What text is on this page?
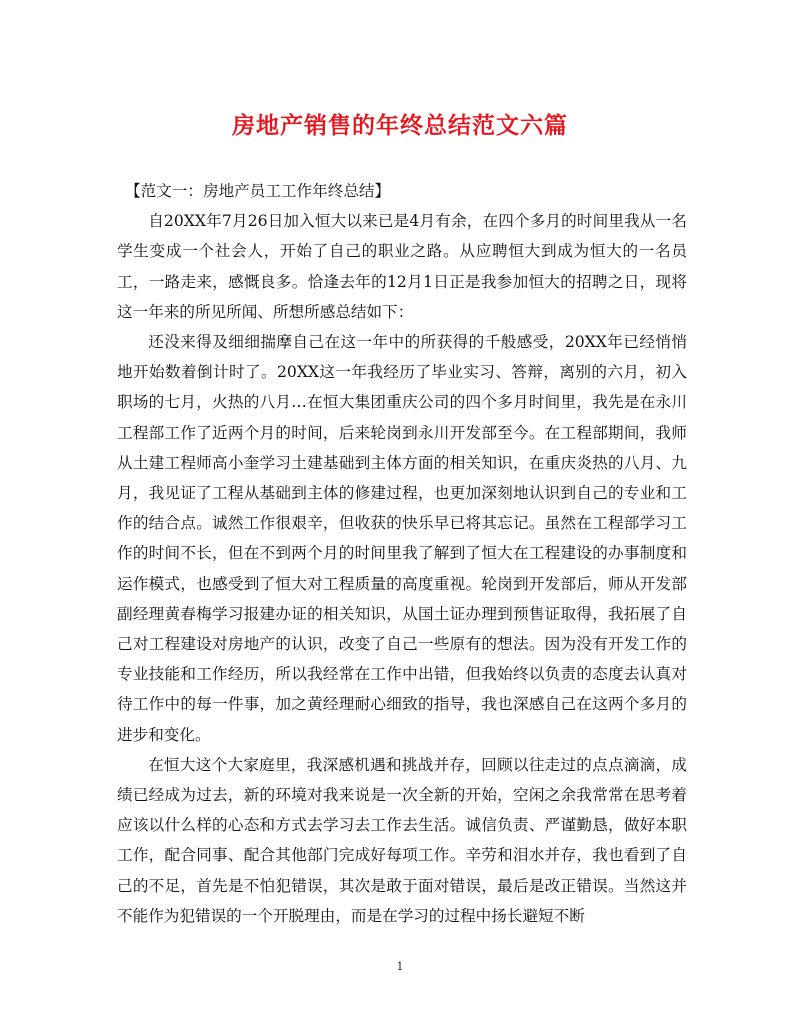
房地产销售的年终总结范文六篇

【范文一：房地产员工工作年终总结】

自20XX年7月26日加入恒大以来已是4月有余，在四个多月的时间里我从一名学生变成一个社会人，开始了自己的职业之路。从应聘恒大到成为恒大的一名员工，一路走来，感慨良多。恰逢去年的12月1日正是我参加恒大的招聘之日，现将这一年来的所见所闻、所想所感总结如下：

还没来得及细细揣摩自己在这一年中的所获得的千般感受，20XX年已经悄悄地开始数着倒计时了。20XX这一年我经历了毕业实习、答辩，离别的六月，初入职场的七月，火热的八月…在恒大集团重庆公司的四个多月时间里，我先是在永川工程部工作了近两个月的时间，后来轮岗到永川开发部至今。在工程部期间，我师从土建工程师高小奎学习土建基础到主体方面的相关知识，在重庆炎热的八月、九月，我见证了工程从基础到主体的修建过程，也更加深刻地认识到自己的专业和工作的结合点。诚然工作很艰辛，但收获的快乐早已将其忘记。虽然在工程部学习工作的时间不长，但在不到两个月的时间里我了解到了恒大在工程建设的办事制度和运作模式，也感受到了恒大对工程质量的高度重视。轮岗到开发部后，师从开发部副经理黄春梅学习报建办证的相关知识，从国土证办理到预售证取得，我拓展了自己对工程建设对房地产的认识，改变了自己一些原有的想法。因为没有开发工作的专业技能和工作经历，所以我经常在工作中出错，但我始终以负责的态度去认真对待工作中的每一件事，加之黄经理耐心细致的指导，我也深感自己在这两个多月的进步和变化。

在恒大这个大家庭里，我深感机遇和挑战并存，回顾以往走过的点点滴滴，成绩已经成为过去，新的环境对我来说是一次全新的开始，空闲之余我常常在思考着应该以什么样的心态和方式去学习去工作去生活。诚信负责、严谨勤恳，做好本职工作，配合同事、配合其他部门完成好每项工作。辛劳和泪水并存，我也看到了自己的不足，首先是不怕犯错误，其次是敢于面对错误，最后是改正错误。当然这并不能作为犯错误的一个开脱理由，而是在学习的过程中扬长避短不断

1
